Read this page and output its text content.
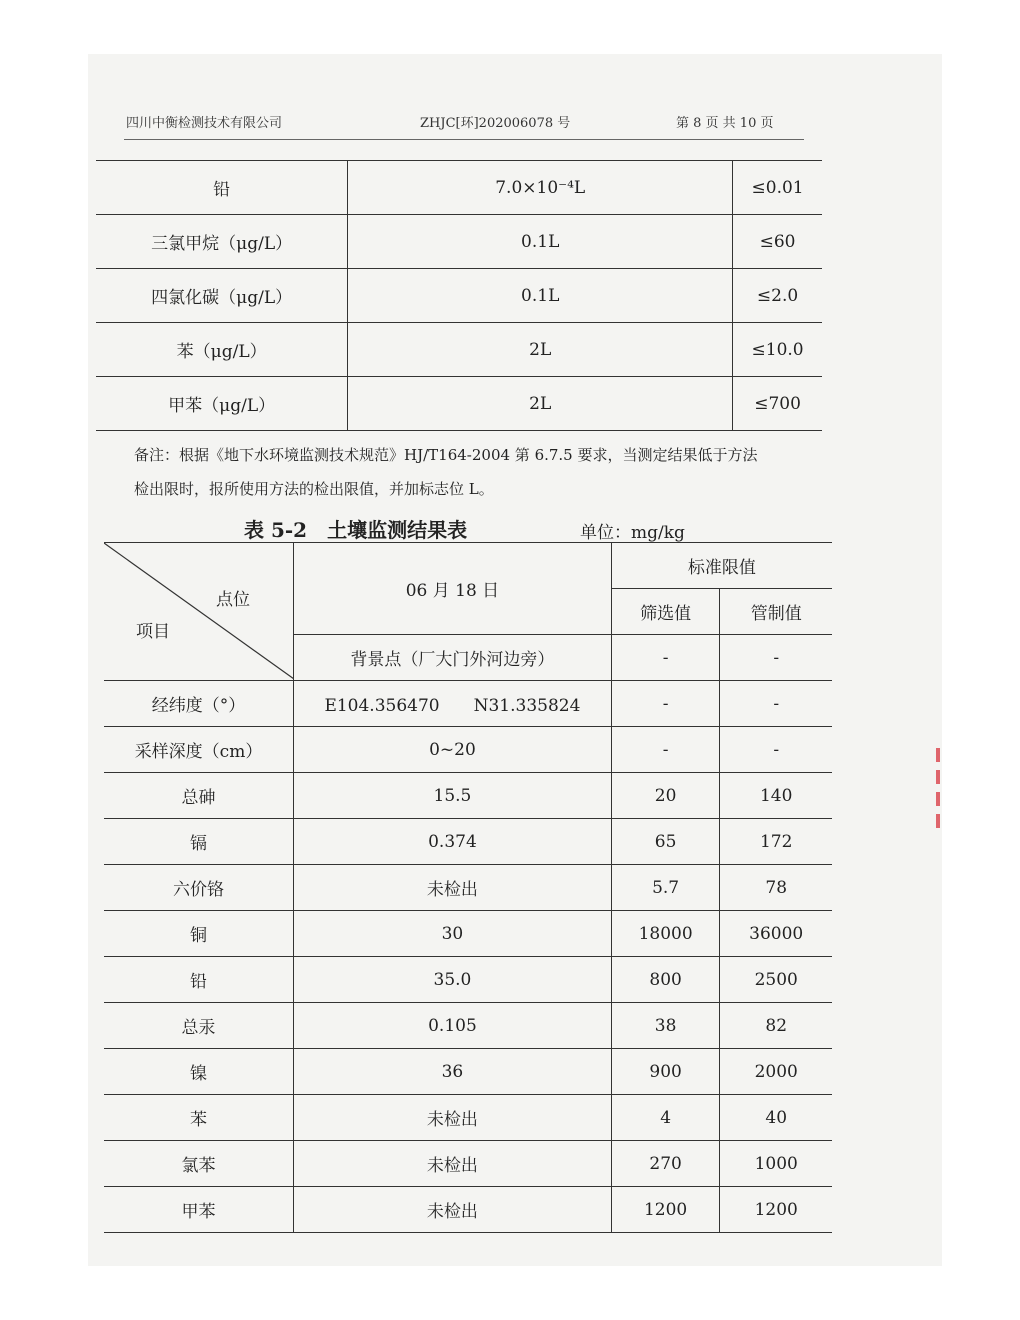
四川中衡检测技术有限公司	ZHJC[环]202006078 号	第 8 页 共 10 页
铅	7.0×10⁻⁴L	≤0.01
三氯甲烷（μg/L）	0.1L	≤60
四氯化碳（μg/L）	0.1L	≤2.0
苯（μg/L）	2L	≤10.0
甲苯（μg/L）	2L	≤700
备注：根据《地下水环境监测技术规范》HJ/T164-2004 第 6.7.5 要求，当测定结果低于方法
检出限时，报所使用方法的检出限值，并加标志位 L。
表 5-2　土壤监测结果表	单位：mg/kg
点位
项目	06 月 18 日	标准限值	
		筛选值	管制值
	背景点（厂大门外河边旁）	-	-
经纬度（°）	E104.356470　　N31.335824	-	-
采样深度（cm）	0~20	-	-
总砷	15.5	20	140
镉	0.374	65	172
六价铬	未检出	5.7	78
铜	30	18000	36000
铅	35.0	800	2500
总汞	0.105	38	82
镍	36	900	2000
苯	未检出	4	40
氯苯	未检出	270	1000
甲苯	未检出	1200	1200
